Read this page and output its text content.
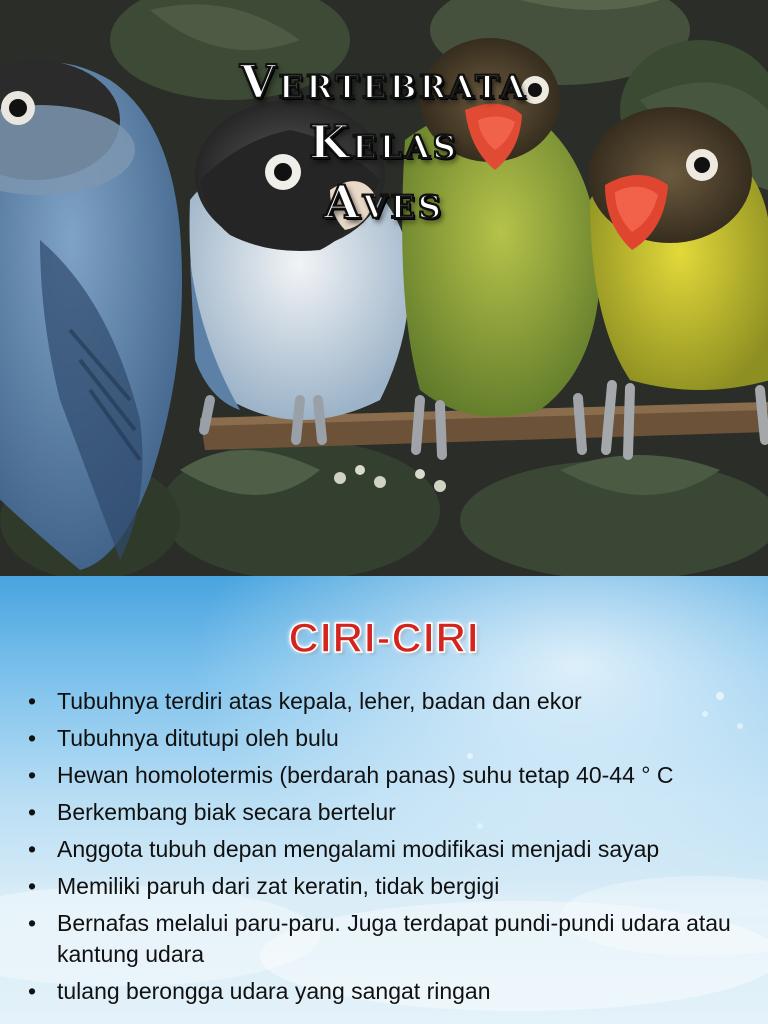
Vertebrata
Kelas
Aves
CIRI-CIRI
• Tubuhnya terdiri atas kepala, leher, badan dan ekor
• Tubuhnya ditutupi oleh bulu
• Hewan homolotermis (berdarah panas) suhu tetap 40-44 ° C
• Berkembang biak secara bertelur
• Anggota tubuh depan mengalami modifikasi menjadi sayap
• Memiliki paruh dari zat keratin, tidak bergigi
• Bernafas melalui paru-paru. Juga terdapat pundi-pundi udara atau kantung udara
• tulang berongga udara yang sangat ringan
